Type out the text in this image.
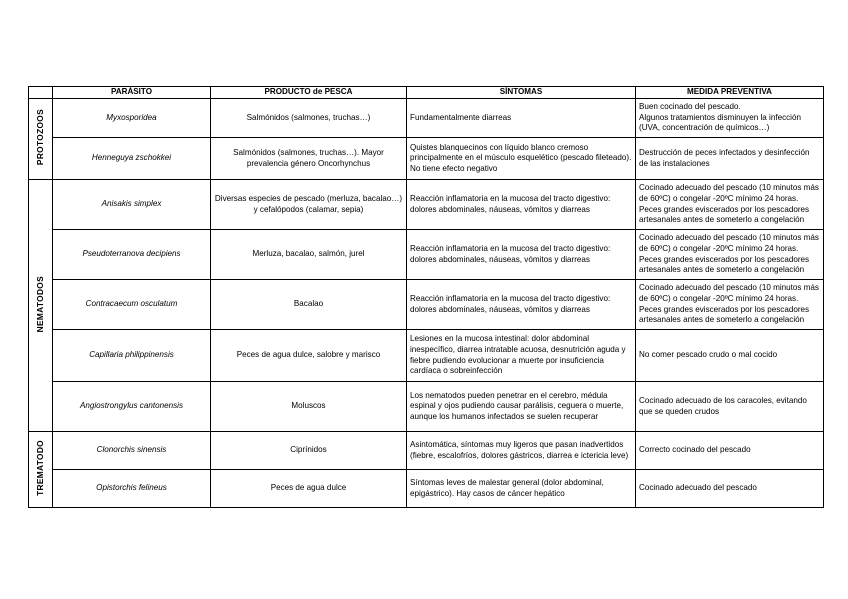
	PARÁSITO	PRODUCTO de PESCA	SÍNTOMAS	MEDIDA PREVENTIVA
PROTOZOOS	Myxosporidea	Salmónidos (salmones, truchas…)	Fundamentalmente diarreas	Buen cocinado del pescado.
Algunos tratamientos disminuyen la infección (UVA, concentración de químicos…)

	Henneguya zschokkei	Salmónidos (salmones, truchas…). Mayor prevalencia género Oncorhynchus	Quistes blanquecinos con líquido blanco cremoso principalmente en el músculo esquelético (pescado fileteado). No tiene efecto negativo	Destrucción de peces infectados y desinfección de las instalaciones

NEMATODOS	Anisakis simplex	Diversas especies de pescado (merluza, bacalao…) y cefalópodos (calamar, sepia)	Reacción inflamatoria en la mucosa del tracto digestivo: dolores abdominales, náuseas, vómitos y diarreas	Cocinado adecuado del pescado (10 minutos más de 60ºC) o congelar -20ºC mínimo 24 horas.
Peces grandes eviscerados por los pescadores artesanales antes de someterlo a congelación

	Pseudoterranova decipiens	Merluza, bacalao, salmón, jurel	Reacción inflamatoria en la mucosa del tracto digestivo: dolores abdominales, náuseas, vómitos y diarreas	Cocinado adecuado del pescado (10 minutos más de 60ºC) o congelar -20ºC mínimo 24 horas.
Peces grandes eviscerados por los pescadores artesanales antes de someterlo a congelación

	Contracaecum osculatum	Bacalao	Reacción inflamatoria en la mucosa del tracto digestivo: dolores abdominales, náuseas, vómitos y diarreas	Cocinado adecuado del pescado (10 minutos más de 60ºC) o congelar -20ºC mínimo 24 horas.
Peces grandes eviscerados por los pescadores artesanales antes de someterlo a congelación

	Capillaria philippinensis	Peces de agua dulce, salobre y marisco	Lesiones en la mucosa intestinal: dolor abdominal inespecífico, diarrea intratable acuosa, desnutrición aguda y fiebre pudiendo evolucionar a muerte por insuficiencia cardíaca o sobreinfección	No comer pescado crudo o mal cocido

	Angiostrongylus cantonensis	Moluscos	Los nematodos pueden penetrar en el cerebro, médula espinal y ojos pudiendo causar parálisis, ceguera o muerte, aunque los humanos infectados se suelen recuperar	Cocinado adecuado de los caracoles, evitando que se queden crudos

TREMATODO	Clonorchis sinensis	Ciprínidos	Asintomática, síntomas muy ligeros que pasan inadvertidos (fiebre, escalofríos, dolores gástricos, diarrea e ictericia leve)	Correcto cocinado del pescado

	Opistorchis felineus	Peces de agua dulce	Síntomas leves de malestar general (dolor abdominal, epigástrico). Hay casos de cáncer hepático	Cocinado adecuado del pescado
